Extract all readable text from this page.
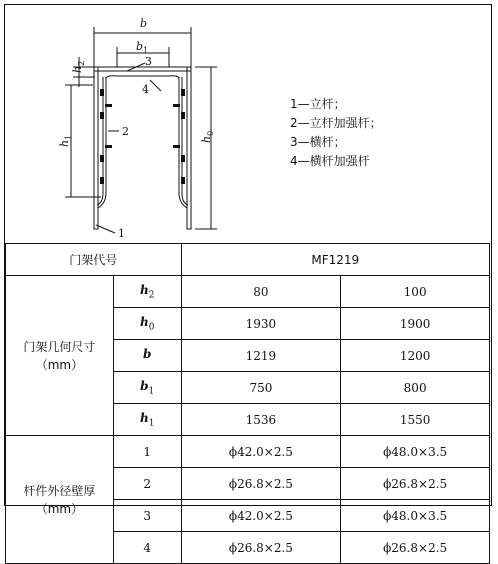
b
$b_1$
3
4
2
1
$h_2$
$h_1$	$h_0$
1—立杆；
2—立杆加强杆；
3—横杆；
4—横杆加强杆
门架代号		MF1219	

门架几何尺寸
（mm）	$h_2$	80	100
	$h_0$	1930	1900
	b	1219	1200
	$b_1$	750	800
	$h_1$	1536	1550

杆件外径壁厚
（mm）	1	ϕ42.0×2.5	ϕ48.0×3.5
	2	ϕ26.8×2.5	ϕ26.8×2.5
	3	ϕ42.0×2.5	ϕ48.0×3.5
	4	ϕ26.8×2.5	ϕ26.8×2.5
